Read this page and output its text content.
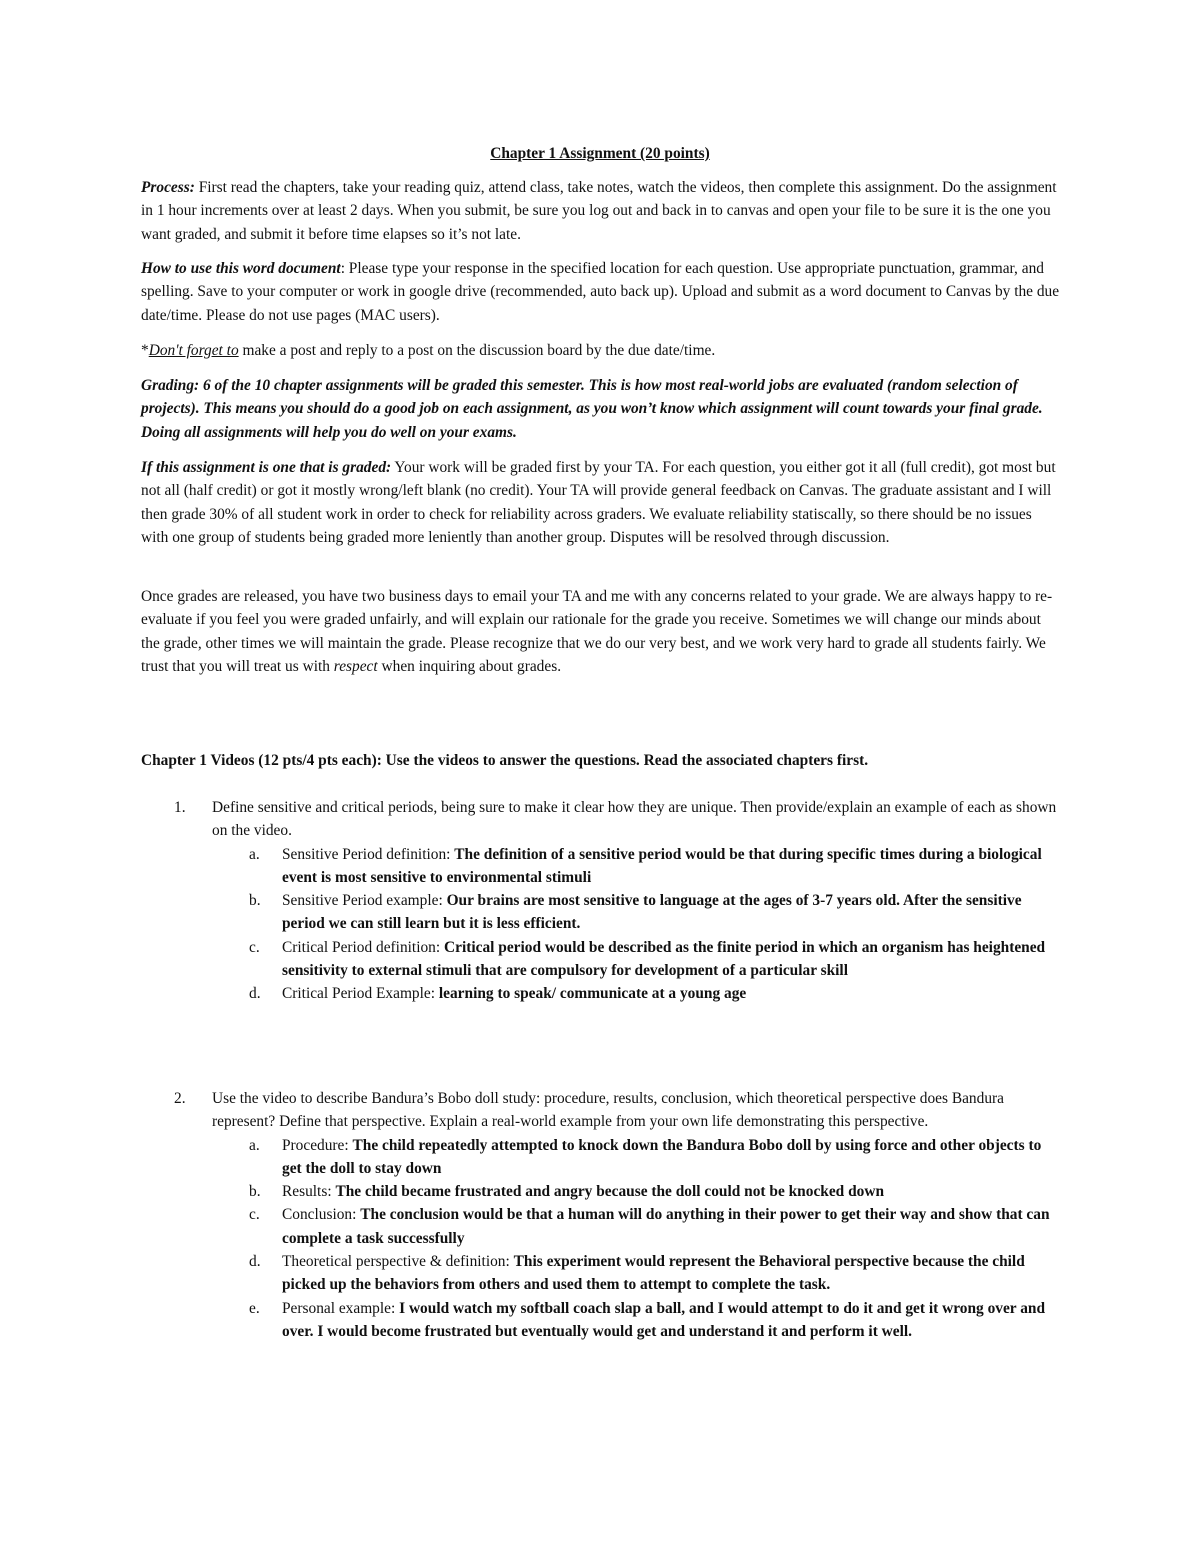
Chapter 1 Assignment (20 points)

Process: First read the chapters, take your reading quiz, attend class, take notes, watch the videos, then complete this assignment. Do the assignment in 1 hour increments over at least 2 days. When you submit, be sure you log out and back in to canvas and open your file to be sure it is the one you want graded, and submit it before time elapses so it’s not late.

How to use this word document: Please type your response in the specified location for each question. Use appropriate punctuation, grammar, and spelling. Save to your computer or work in google drive (recommended, auto back up). Upload and submit as a word document to Canvas by the due date/time. Please do not use pages (MAC users).

*Don't forget to make a post and reply to a post on the discussion board by the due date/time.

Grading: 6 of the 10 chapter assignments will be graded this semester. This is how most real-world jobs are evaluated (random selection of projects). This means you should do a good job on each assignment, as you won’t know which assignment will count towards your final grade. Doing all assignments will help you do well on your exams.

If this assignment is one that is graded: Your work will be graded first by your TA. For each question, you either got it all (full credit), got most but not all (half credit) or got it mostly wrong/left blank (no credit). Your TA will provide general feedback on Canvas. The graduate assistant and I will then grade 30% of all student work in order to check for reliability across graders. We evaluate reliability statiscally, so there should be no issues with one group of students being graded more leniently than another group. Disputes will be resolved through discussion.

Once grades are released, you have two business days to email your TA and me with any concerns related to your grade. We are always happy to re-evaluate if you feel you were graded unfairly, and will explain our rationale for the grade you receive. Sometimes we will change our minds about the grade, other times we will maintain the grade. Please recognize that we do our very best, and we work very hard to grade all students fairly. We trust that you will treat us with respect when inquiring about grades.

Chapter 1 Videos (12 pts/4 pts each): Use the videos to answer the questions. Read the associated chapters first.

1. Define sensitive and critical periods, being sure to make it clear how they are unique. Then provide/explain an example of each as shown on the video.
a. Sensitive Period definition: The definition of a sensitive period would be that during specific times during a biological event is most sensitive to environmental stimuli
b. Sensitive Period example: Our brains are most sensitive to language at the ages of 3-7 years old. After the sensitive period we can still learn but it is less efficient.
c. Critical Period definition: Critical period would be described as the finite period in which an organism has heightened sensitivity to external stimuli that are compulsory for development of a particular skill
d. Critical Period Example: learning to speak/ communicate at a young age
2. Use the video to describe Bandura’s Bobo doll study: procedure, results, conclusion, which theoretical perspective does Bandura represent? Define that perspective. Explain a real-world example from your own life demonstrating this perspective.
a. Procedure: The child repeatedly attempted to knock down the Bandura Bobo doll by using force and other objects to get the doll to stay down
b. Results: The child became frustrated and angry because the doll could not be knocked down
c. Conclusion: The conclusion would be that a human will do anything in their power to get their way and show that can complete a task successfully
d. Theoretical perspective & definition: This experiment would represent the Behavioral perspective because the child picked up the behaviors from others and used them to attempt to complete the task.
e. Personal example: I would watch my softball coach slap a ball, and I would attempt to do it and get it wrong over and over. I would become frustrated but eventually would get and understand it and perform it well.
